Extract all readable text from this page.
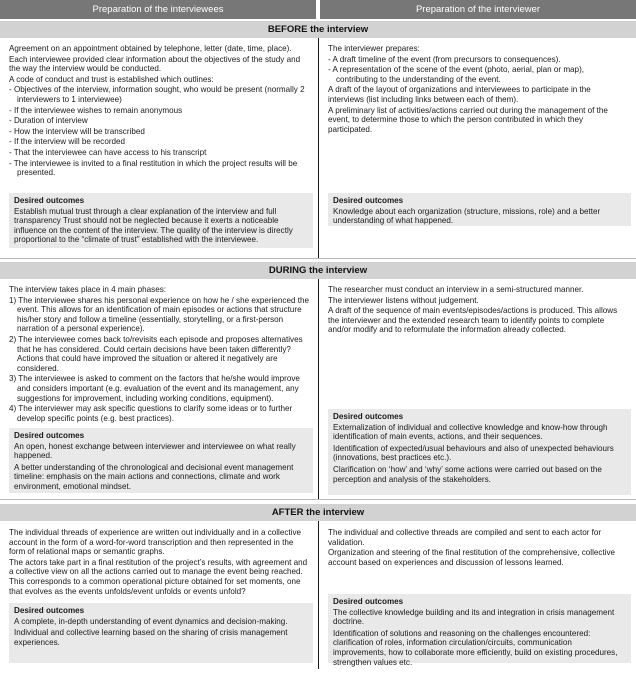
Preparation of the interviewees	Preparation of the interviewer
BEFORE the interview

Agreement on an appointment obtained by telephone, letter (date, time, place).

Each interviewee provided clear information about the objectives of the study and the way the interview would be conducted.

A code of conduct and trust is established which outlines:

- Objectives of the interview, information sought, who would be present (normally 2 interviewers to 1 interviewee)

- If the interviewee wishes to remain anonymous

- Duration of interview

- How the interview will be transcribed

- If the interview will be recorded

- That the interviewee can have access to his transcript

- The interviewee is invited to a final restitution in which the project results will be presented.

Desired outcomes

Establish mutual trust through a clear explanation of the interview and full transparency Trust should not be neglected because it exerts a noticeable influence on the content of the interview. The quality of the interview is directly proportional to the “climate of trust” established with the interviewee.

The interviewer prepares:

- A draft timeline of the event (from precursors to consequences).

- A representation of the scene of the event (photo, aerial, plan or map), contributing to the understanding of the event.

A draft of the layout of organizations and interviewees to participate in the interviews (list including links between each of them).

A preliminary list of activities/actions carried out during the management of the event, to determine those to which the person contributed in which they participated.

Desired outcomes

Knowledge about each organization (structure, missions, role) and a better understanding of what happened.

DURING the interview

The interview takes place in 4 main phases:

1) The interviewee shares his personal experience on how he / she experienced the event. This allows for an identification of main episodes or actions that structure his/her story and follow a timeline (essentially, storytelling, or a first-person narration of a personal experience).

2) The interviewee comes back to/revisits each episode and proposes alternatives that he has considered. Could certain decisions have been taken differently? Actions that could have improved the situation or altered it negatively are considered.

3) The interviewee is asked to comment on the factors that he/she would improve and considers important (e.g. evaluation of the event and its management, any suggestions for improvement, including working conditions, equipment).

4) The interviewer may ask specific questions to clarify some ideas or to further develop specific points (e.g. best practices).

Desired outcomes

An open, honest exchange between interviewer and interviewee on what really happened.

A better understanding of the chronological and decisional event management timeline: emphasis on the main actions and connections, climate and work environment, emotional mindset.

The researcher must conduct an interview in a semi-structured manner.

The interviewer listens without judgement.

A draft of the sequence of main events/episodes/actions is produced. This allows the interviewer and the extended research team to identify points to complete and/or modify and to reformulate the information already collected.

Desired outcomes

Externalization of individual and collective knowledge and know-how through identification of main events, actions, and their sequences.

Identification of expected/usual behaviours and also of unexpected behaviours (innovations, best practices etc.).

Clarification on ‘how’ and ‘why’ some actions were carried out based on the perception and analysis of the stakeholders.

AFTER the interview

The individual threads of experience are written out individually and in a collective account in the form of a word-for-word transcription and then represented in the form of relational maps or semantic graphs.

The actors take part in a final restitution of the project’s results, with agreement and a collective view on all the actions carried out to manage the event being reached. This corresponds to a common operational picture obtained for set moments, one that evolves as the events unfolds/event unfolds or events unfold?

Desired outcomes

A complete, in-depth understanding of event dynamics and decision-making.

Individual and collective learning based on the sharing of crisis management experiences.

The individual and collective threads are compiled and sent to each actor for validation.

Organization and steering of the final restitution of the comprehensive, collective account based on experiences and discussion of lessons learned.

Desired outcomes

The collective knowledge building and its and integration in crisis management doctrine.

Identification of solutions and reasoning on the challenges encountered: clarification of roles, information circulation/circuits, communication improvements, how to collaborate more efficiently, build on existing procedures, strengthen values etc.
